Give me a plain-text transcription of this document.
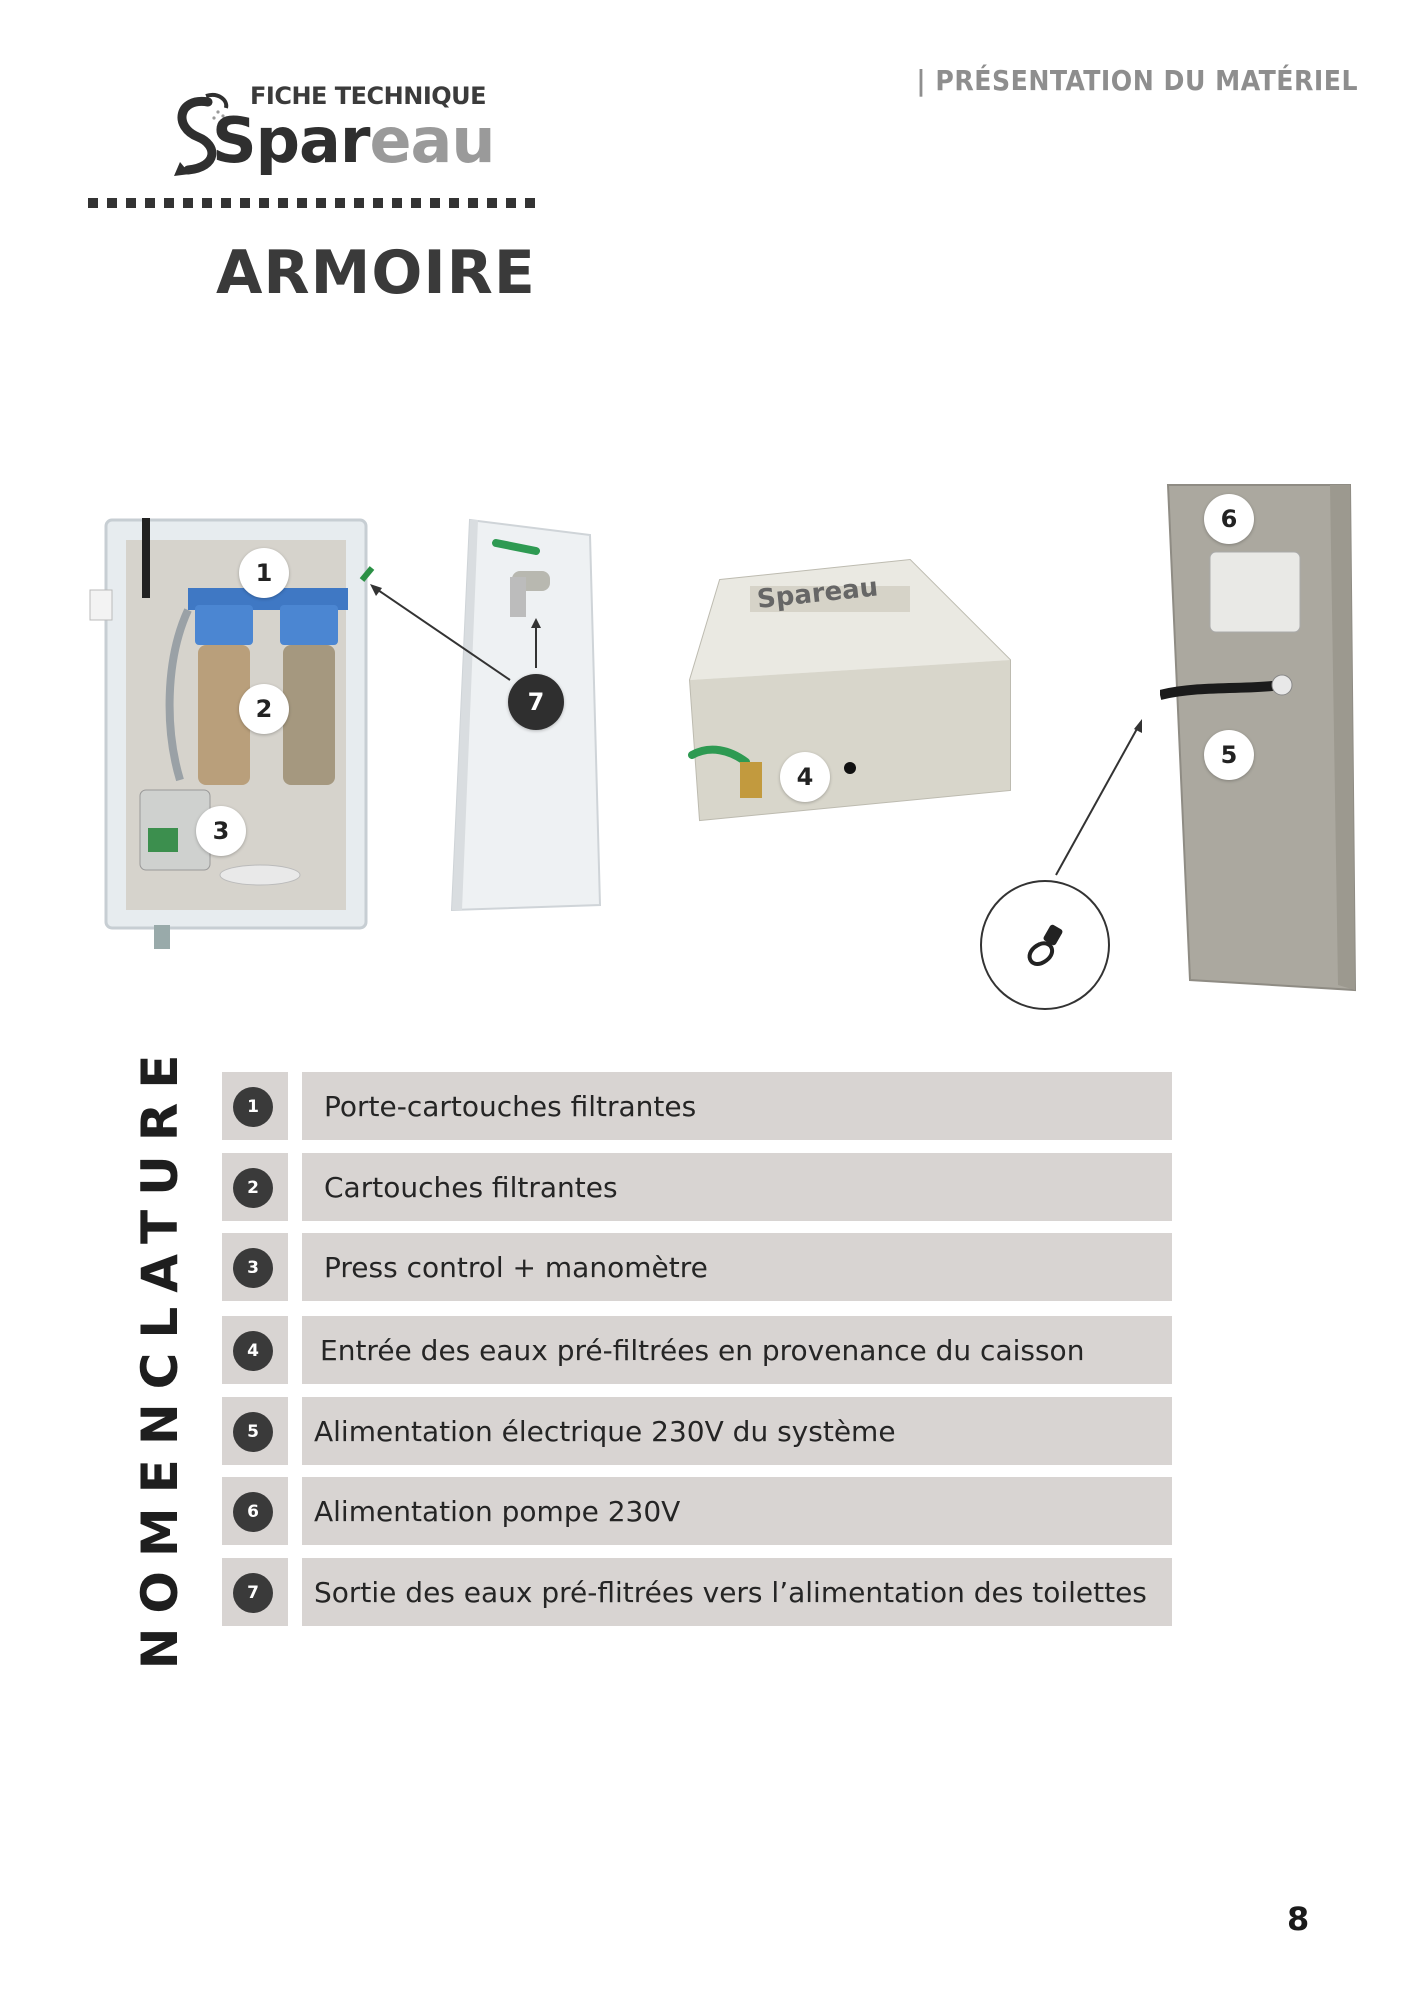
| PRÉSENTATION DU MATÉRIEL
FICHE TECHNIQUE
Spareau
ARMOIRE
1
2
3
7
Spareau
4
6
5
NOMENCLATURE	1	Porte-cartouches filtrantes
2	Cartouches filtrantes
3	Press control + manomètre
4	Entrée des eaux pré-filtrées en provenance du caisson
5	Alimentation électrique 230V du système
6	Alimentation pompe 230V
7	Sortie des eaux pré-flitrées vers l’alimentation des toilettes
8
